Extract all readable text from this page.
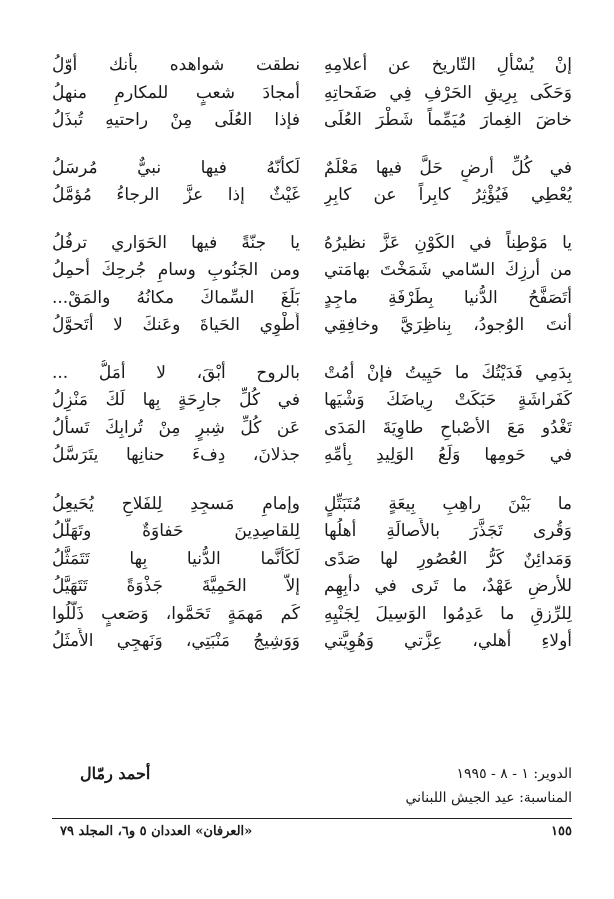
إنْ يُسْأَلِ التّاريخ عن أعلامِهِ
نطقت شواهده بأنك أوّلُ
وَحَكَى بِرِيقِ الحَرْفِ فِي صَفَحاتِهِ
أمجادَ شعبٍ للمكارمِ منهلُ
خاضَ الغِمارَ مُيَمِّماً شَطْرَ العُلَى
فإذا العُلَى مِنْ راحتيهِ تُبذَلُ
في كُلِّ أرضٍ حَلَّ فيها مَعْلَمٌ
لَكأنّهُ فيها نبيٌّ مُرسَلُ
يُعْطِي فَيُؤْثِرُ كابِراً عن كابِرِ
غَيْثٌ إذا عزَّ الرجاءُ مُؤمَّلُ
يا مَوْطِناً في الكَوْنِ عَزَّ نظيرُهُ
يا جنّةً فيها الحَوَاري ترفُلُ
من أرزِكَ السّامي شَمَخْتَ بهامَتي
ومن الجَنُوبِ وسامِ جُرحِكَ أحمِلُ
أتَصَفَّحُ الدُّنيا بِطَرْفَةِ ماجِدٍ
بَلَغَ السِّماكَ مكانُهُ والمَقْ...
أنتَ الوُجودُ، بِناظِرَيَّ وخافِقِي
أُطْوِي الحَياةَ وعَنكَ لا أتَحوَّلُ
بِدَمِي فَدَيْتُكَ ما حَيِيتُ فإنْ أمُتْ
بالروح أبْقَ، لا أمَلُّ ...
كَفَراشَةٍ حَبَكَتْ رِياضَكَ وَشْيَها
في كُلِّ جارِحَةٍ بِها لَكَ مَنْزِلُ
تَغْدُو مَعَ الأصْباحِ طاوِيَةَ المَدَى
عَن كُلِّ شِبرٍ مِنْ تُرابِكَ تَسأَلُ
في حَومِها وَلَعُ الوَلِيدِ بِأُمِّهِ
جذلانَ، دِفءَ حنانِها يتَرَسَّلُ
ما بَيْنَ راهِبِ بِيعَةٍ مُتَبَتِّلٍ
وإمامِ مَسجِدِ لِلفَلاحِ يُحَيعِلُ
وَقُرى تَجَذَّرَ بالأَصالَةِ أهلُها
لِلقاصِدِينَ حَفاوَةٌ وتَهَلُّلُ
وَمَدائِنٌ كَرُّ العُصُورِ لها صَدًى
لَكَأنَّما الدُّنيا بِها تَتَمَثَّلُ
للأرضِ عَهْدٌ، ما تَرى في دأبِهِم
إلاّ الحَمِيَّةَ جَذْوَةً تَتَهَيَّلُ
لِلرِّزقِ ما عَدِمُوا الوَسِيلَ لِجَنْيِهِ
كَم مَهمَةٍ تَحَمَّوا، وَصَعبٍ ذَلَّلُوا
أولاءِ أهلي، عِزَّتي وَهُوِيَّتي
وَوَشِيجُ مَنْبَتِي، وَنَهجِي الأَمثَلُ
الدوير: ١ - ٨ - ١٩٩٥
المناسبة: عيد الجيش اللبناني
أحمد رمّال
١٥٥
«العرفان» العددان ٥ و٦، المجلد ٧٩
